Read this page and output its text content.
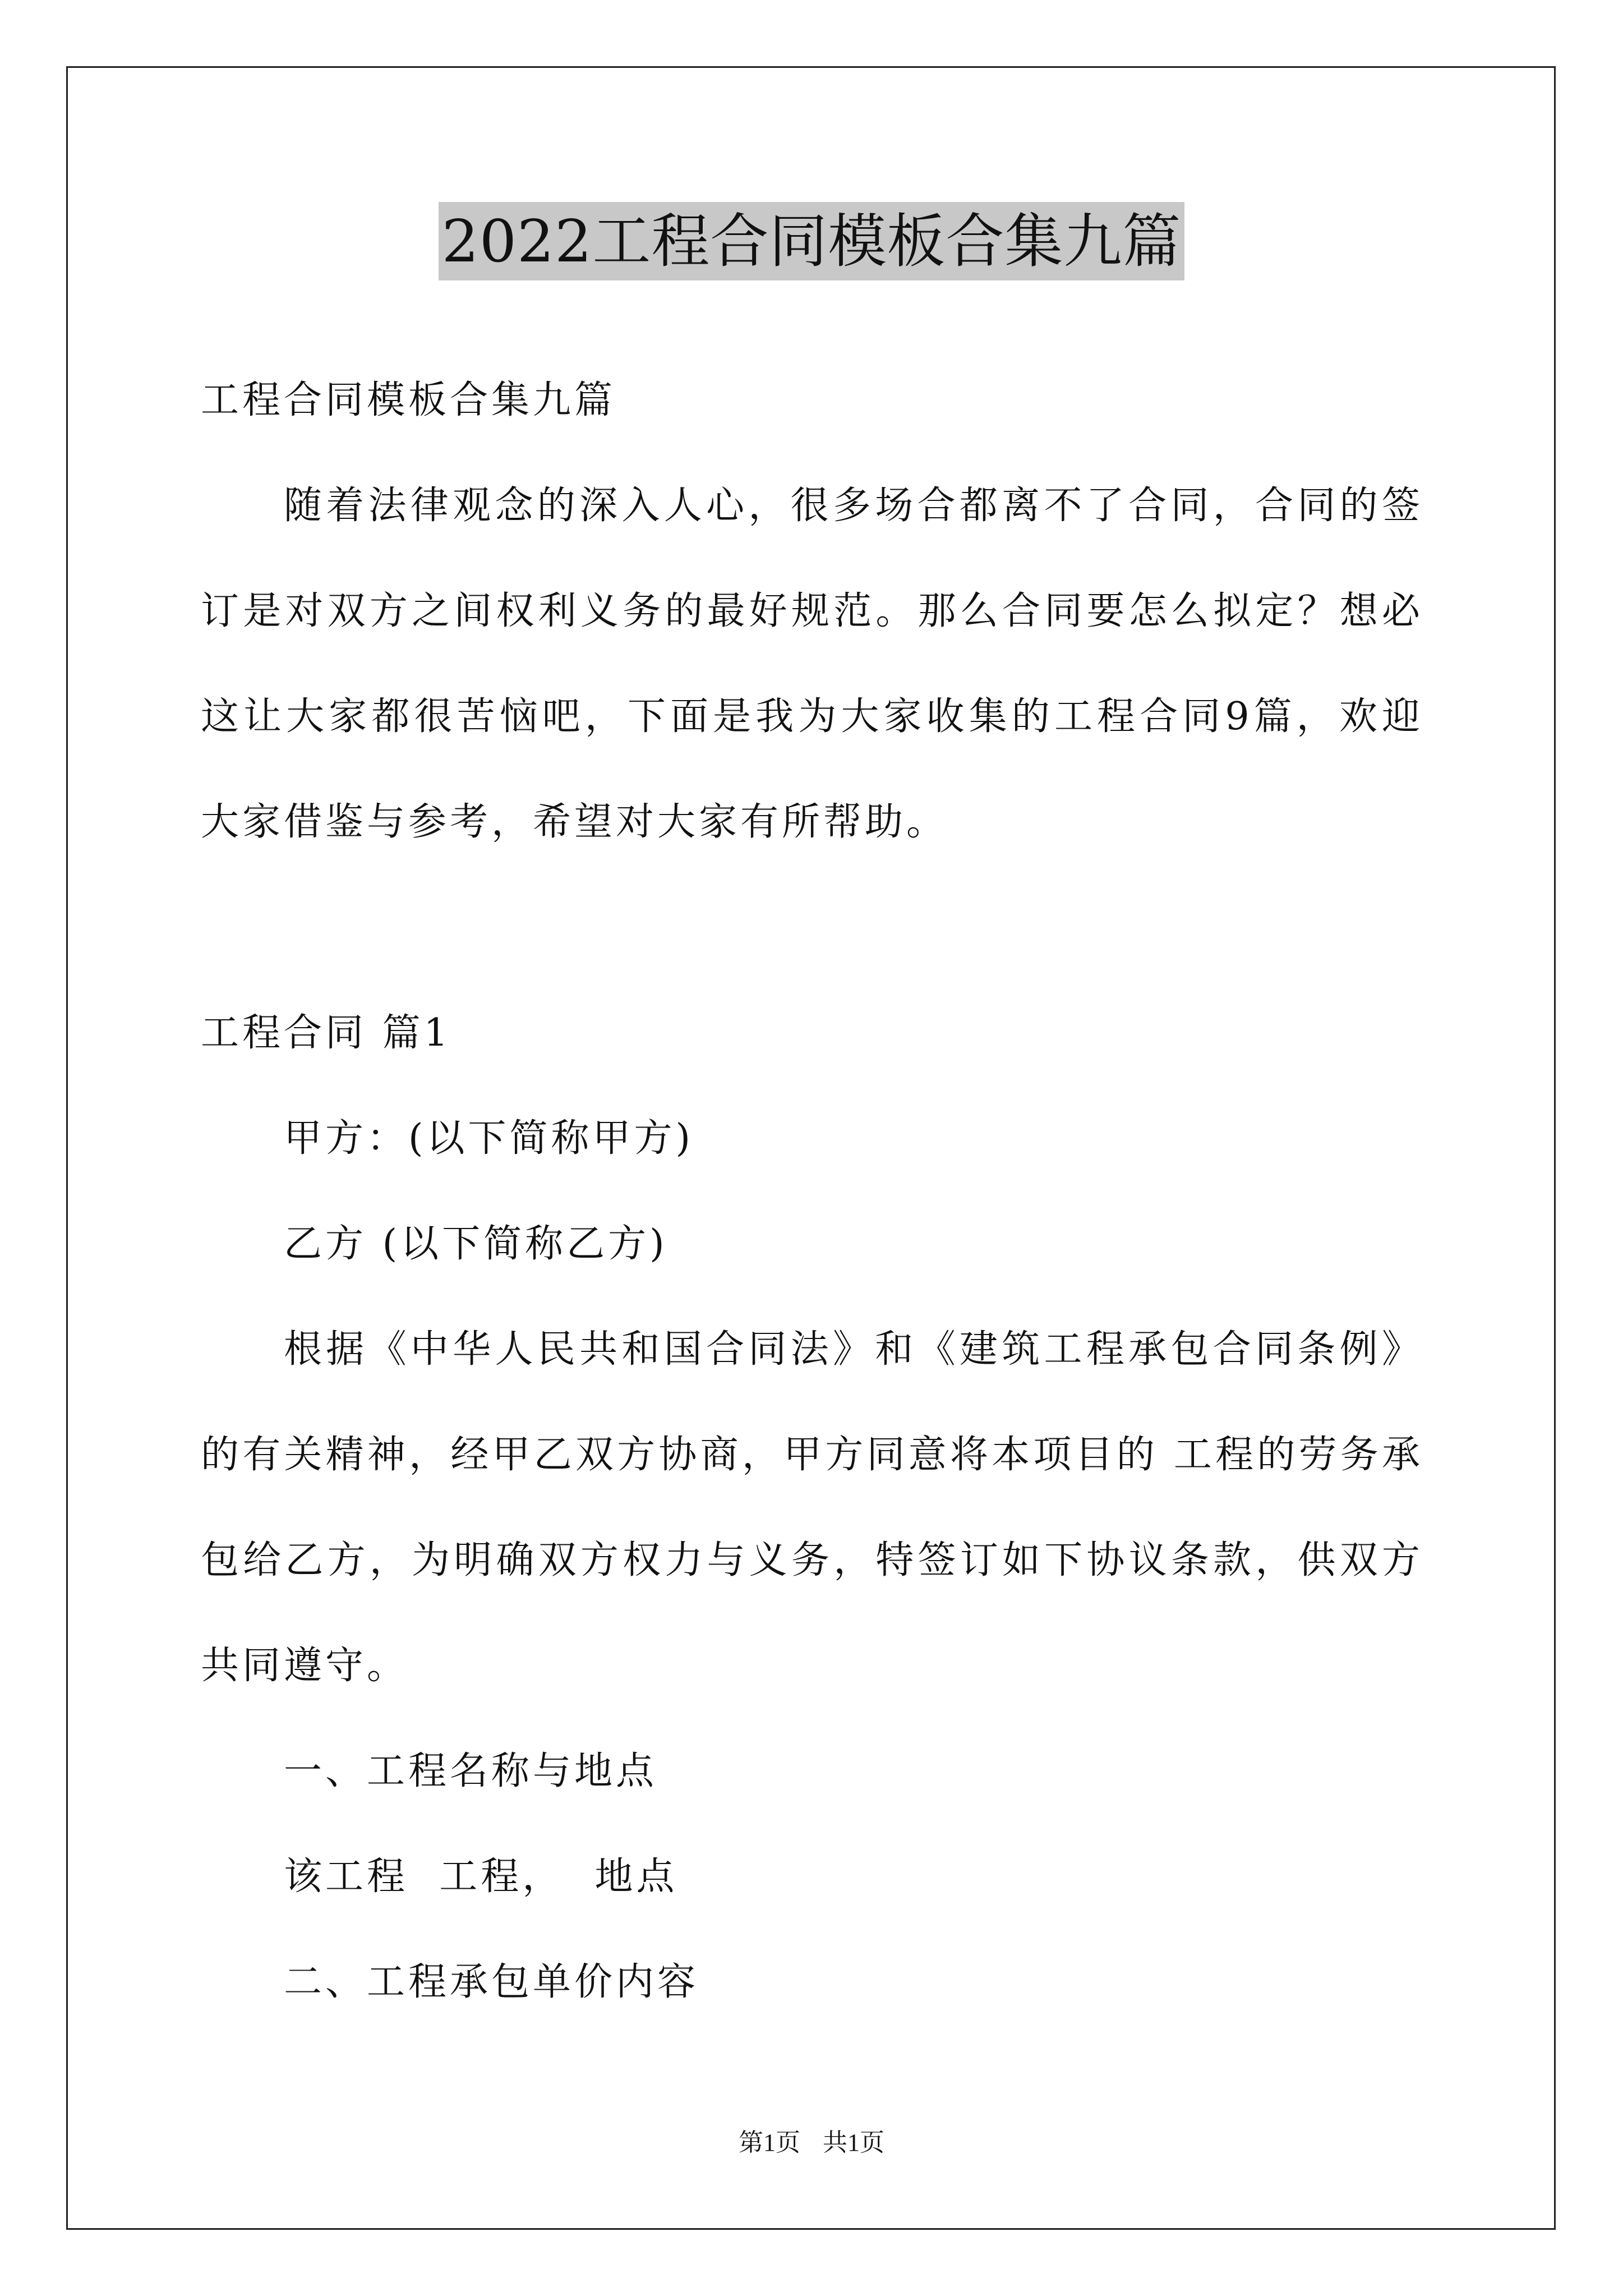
2022工程合同模板合集九篇

工程合同模板合集九篇

随着法律观念的深入人心，很多场合都离不了合同，合同的签订是对双方之间权利义务的最好规范。那么合同要怎么拟定？想必这让大家都很苦恼吧，下面是我为大家收集的工程合同9篇，欢迎大家借鉴与参考，希望对大家有所帮助。

工程合同 篇1

甲方：(以下简称甲方)

乙方 (以下简称乙方)

根据《中华人民共和国合同法》和《建筑工程承包合同条例》的有关精神，经甲乙双方协商，甲方同意将本项目的 工程的劳务承包给乙方，为明确双方权力与义务，特签订如下协议条款，供双方共同遵守。

一、工程名称与地点

该工程  工程，  地点

二、工程承包单价内容

第1页 共1页
